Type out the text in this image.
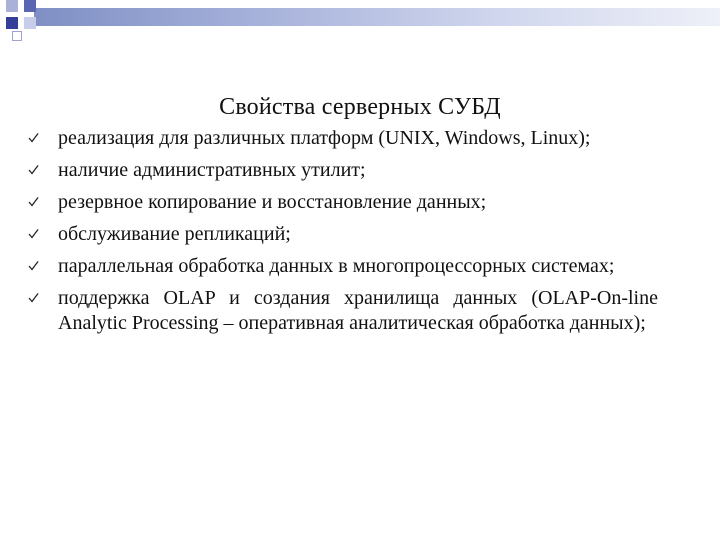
Свойства серверных СУБД
реализация для различных платформ (UNIX, Windows, Linux);
наличие административных утилит;
резервное копирование и восстановление данных;
обслуживание репликаций;
параллельная обработка данных в многопроцессорных системах;
поддержка OLAP и создания хранилища данных (OLAP-On-line Analytic Processing – оперативная аналитическая обработка данных);
